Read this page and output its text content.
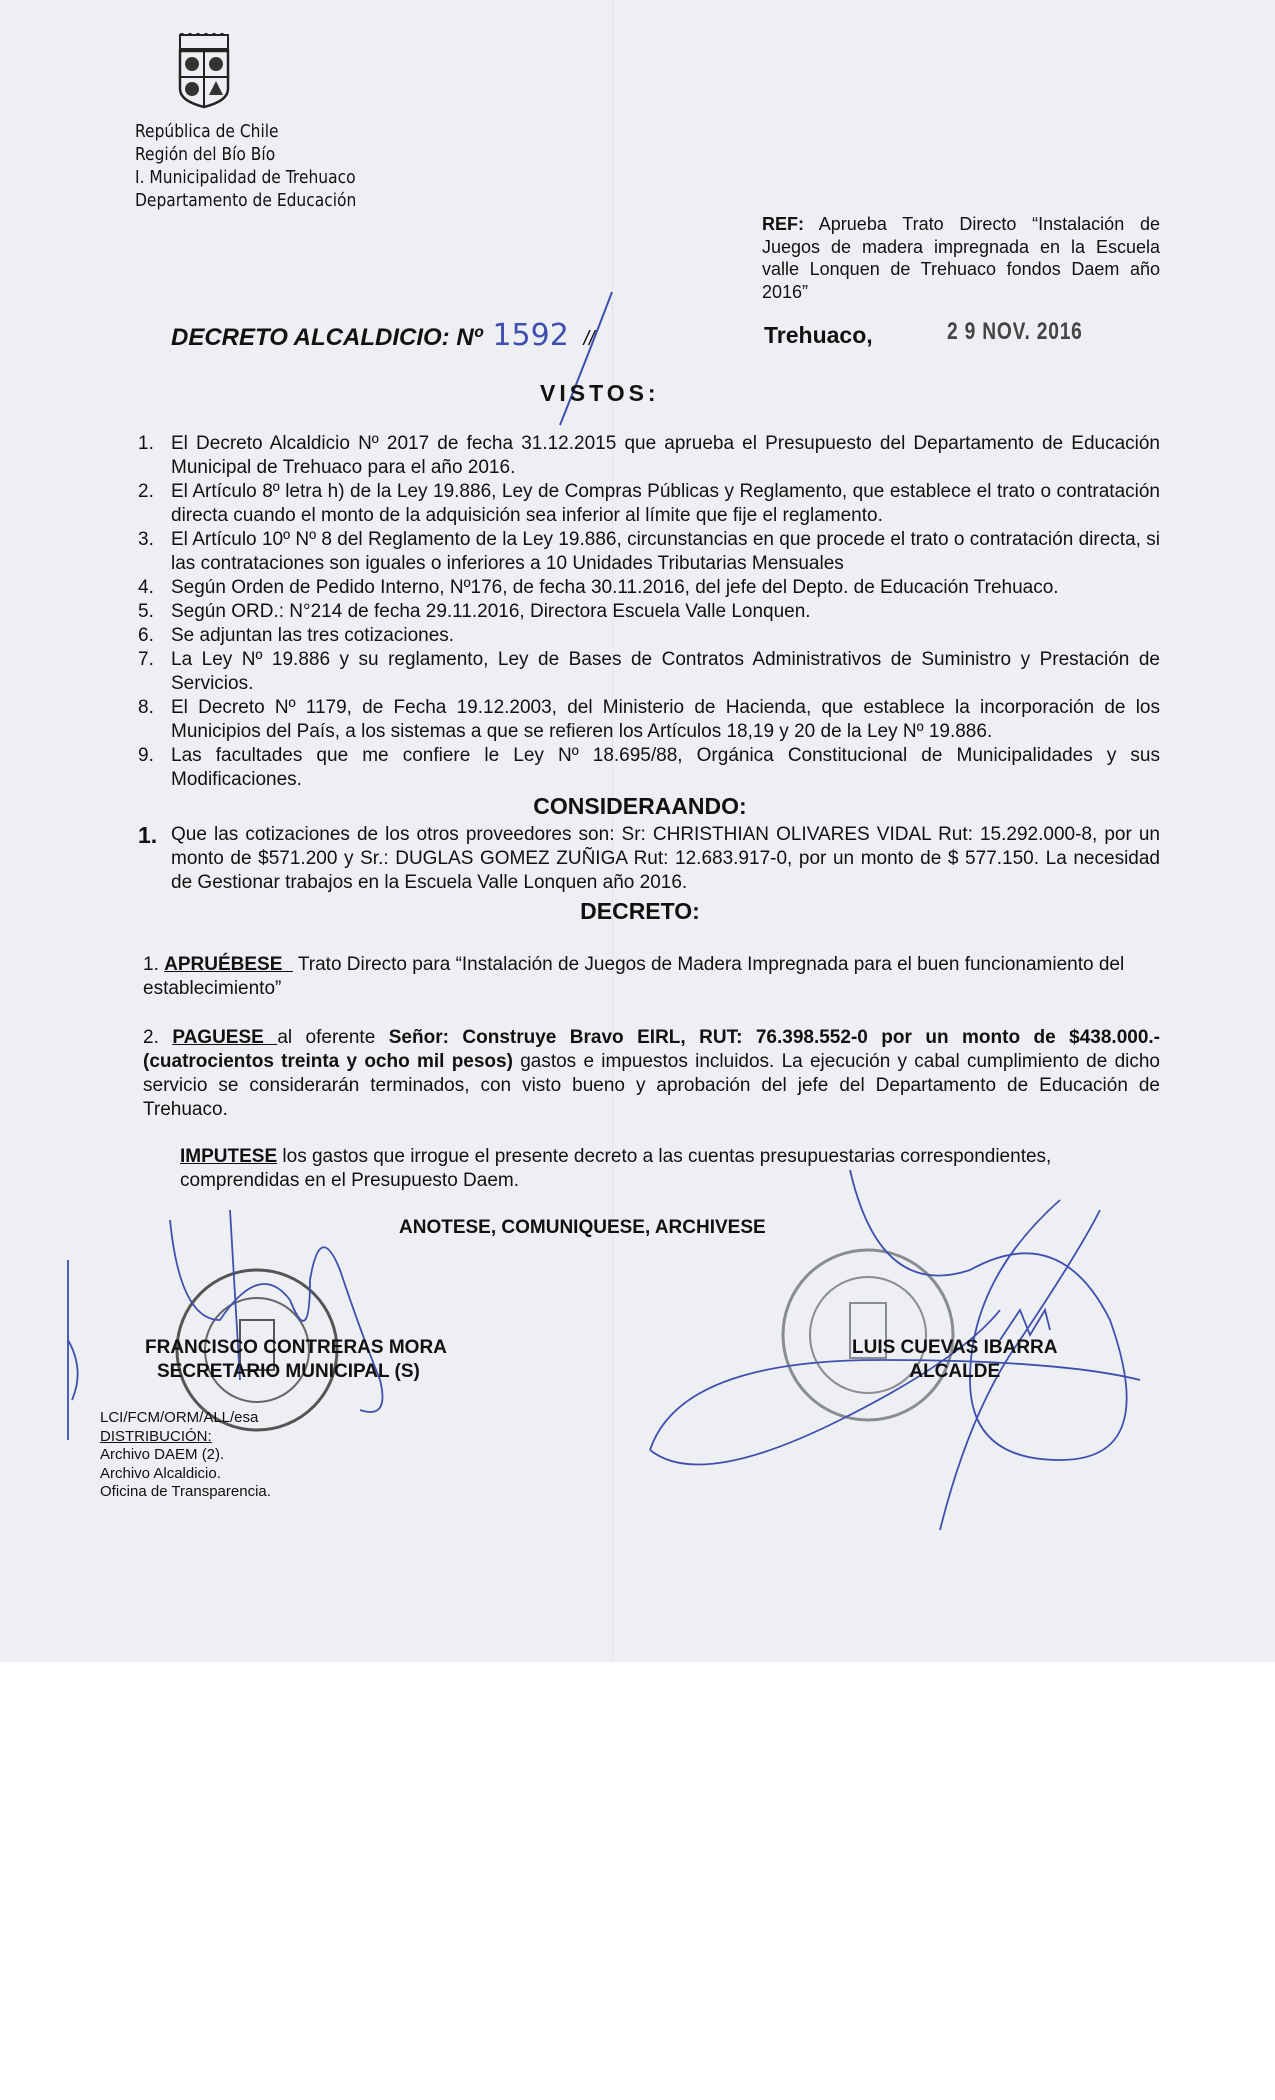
República de Chile
Región del Bío Bío
I. Municipalidad de Trehuaco
Departamento de Educación
REF: Aprueba Trato Directo “Instalación de Juegos de madera impregnada en la Escuela valle Lonquen de Trehuaco fondos Daem año 2016”
DECRETO ALCALDICIO: Nº 1592 //	Trehuaco,	2 9 NOV. 2016
VISTOS:
1. El Decreto Alcaldicio Nº 2017 de fecha 31.12.2015 que aprueba el Presupuesto del Departamento de Educación Municipal de Trehuaco para el año 2016.
2. El Artículo 8º letra h) de la Ley 19.886, Ley de Compras Públicas y Reglamento, que establece el trato o contratación directa cuando el monto de la adquisición sea inferior al límite que fije el reglamento.
3. El Artículo 10º Nº 8 del Reglamento de la Ley 19.886, circunstancias en que procede el trato o contratación directa, si las contrataciones son iguales o inferiores a 10 Unidades Tributarias Mensuales
4. Según Orden de Pedido Interno, Nº176, de fecha 30.11.2016, del jefe del Depto. de Educación Trehuaco.
5. Según ORD.: N°214 de fecha 29.11.2016, Directora Escuela Valle Lonquen.
6. Se adjuntan las tres cotizaciones.
7. La Ley Nº 19.886 y su reglamento, Ley de Bases de Contratos Administrativos de Suministro y Prestación de Servicios.
8. El Decreto Nº 1179, de Fecha 19.12.2003, del Ministerio de Hacienda, que establece la incorporación de los Municipios del País, a los sistemas a que se refieren los Artículos 18,19 y 20 de la Ley Nº 19.886.
9. Las facultades que me confiere le Ley Nº 18.695/88, Orgánica Constitucional de Municipalidades y sus Modificaciones.
CONSIDERAANDO:
1. Que las cotizaciones de los otros proveedores son: Sr: CHRISTHIAN OLIVARES VIDAL Rut: 15.292.000-8, por un monto de $571.200 y Sr.: DUGLAS GOMEZ ZUÑIGA Rut: 12.683.917-0, por un monto de $ 577.150. La necesidad de Gestionar trabajos en la Escuela Valle Lonquen año 2016.
DECRETO:
1. APRUÉBESE Trato Directo para “Instalación de Juegos de Madera Impregnada para el buen funcionamiento del establecimiento”
2. PAGUESE al oferente Señor: Construye Bravo EIRL, RUT: 76.398.552-0 por un monto de $438.000.- (cuatrocientos treinta y ocho mil pesos) gastos e impuestos incluidos. La ejecución y cabal cumplimiento de dicho servicio se considerarán terminados, con visto bueno y aprobación del jefe del Departamento de Educación de Trehuaco.
IMPUTESE los gastos que irrogue el presente decreto a las cuentas presupuestarias correspondientes, comprendidas en el Presupuesto Daem.
ANOTESE, COMUNIQUESE, ARCHIVESE
FRANCISCO CONTRERAS MORA
SECRETARIO MUNICIPAL (S)
LUIS CUEVAS IBARRA
ALCALDE
LCI/FCM/ORM/ALL/esa
DISTRIBUCIÓN:
Archivo DAEM (2).
Archivo Alcaldicio.
Oficina de Transparencia.
